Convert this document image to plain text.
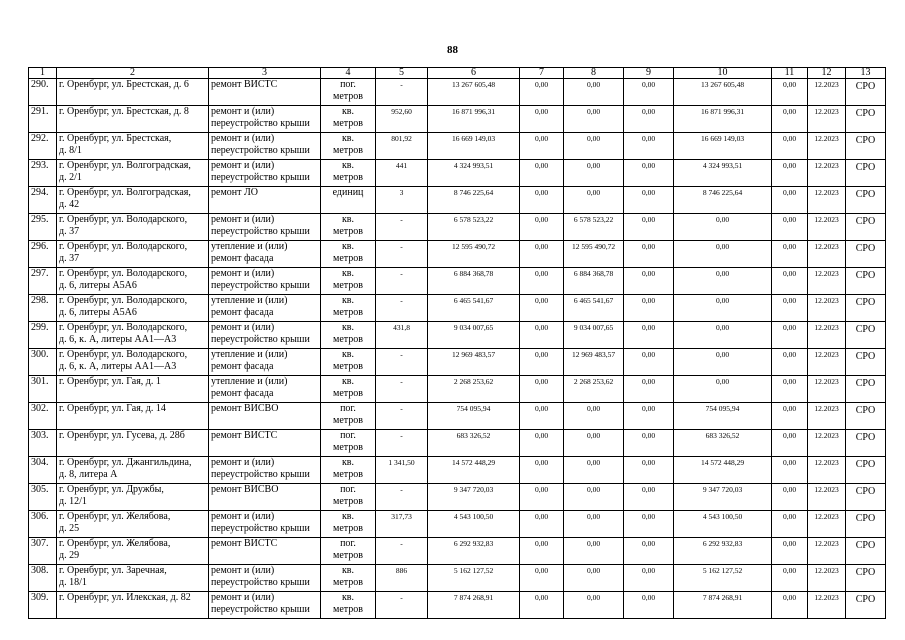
88
1	2	3	4	5	6	7	8	9	10	11	12	13
290.	г. Оренбург, ул. Брестская, д. 6	ремонт ВИСТС	пог.
метров	-	13 267 605,48	0,00	0,00	0,00	13 267 605,48	0,00	12.2023	СРО
291.	г. Оренбург, ул. Брестская, д. 8	ремонт и (или)
переустройство крыши	кв.
метров	952,60	16 871 996,31	0,00	0,00	0,00	16 871 996,31	0,00	12.2023	СРО
292.	г. Оренбург, ул. Брестская,
д. 8/1	ремонт и (или)
переустройство крыши	кв.
метров	801,92	16 669 149,03	0,00	0,00	0,00	16 669 149,03	0,00	12.2023	СРО
293.	г. Оренбург, ул. Волгоградская,
д. 2/1	ремонт и (или)
переустройство крыши	кв.
метров	441	4 324 993,51	0,00	0,00	0,00	4 324 993,51	0,00	12.2023	СРО
294.	г. Оренбург, ул. Волгоградская,
д. 42	ремонт ЛО	единиц	3	8 746 225,64	0,00	0,00	0,00	8 746 225,64	0,00	12.2023	СРО
295.	г. Оренбург, ул. Володарского,
д. 37	ремонт и (или)
переустройство крыши	кв.
метров	-	6 578 523,22	0,00	6 578 523,22	0,00	0,00	0,00	12.2023	СРО
296.	г. Оренбург, ул. Володарского,
д. 37	утепление и (или)
ремонт фасада	кв.
метров	-	12 595 490,72	0,00	12 595 490,72	0,00	0,00	0,00	12.2023	СРО
297.	г. Оренбург, ул. Володарского,
д. 6, литеры А5А6	ремонт и (или)
переустройство крыши	кв.
метров	-	6 884 368,78	0,00	6 884 368,78	0,00	0,00	0,00	12.2023	СРО
298.	г. Оренбург, ул. Володарского,
д. 6, литеры А5А6	утепление и (или)
ремонт фасада	кв.
метров	-	6 465 541,67	0,00	6 465 541,67	0,00	0,00	0,00	12.2023	СРО
299.	г. Оренбург, ул. Володарского,
д. 6, к. А, литеры АА1—А3	ремонт и (или)
переустройство крыши	кв.
метров	431,8	9 034 007,65	0,00	9 034 007,65	0,00	0,00	0,00	12.2023	СРО
300.	г. Оренбург, ул. Володарского,
д. 6, к. А, литеры АА1—А3	утепление и (или)
ремонт фасада	кв.
метров	-	12 969 483,57	0,00	12 969 483,57	0,00	0,00	0,00	12.2023	СРО
301.	г. Оренбург, ул. Гая, д. 1	утепление и (или)
ремонт фасада	кв.
метров	-	2 268 253,62	0,00	2 268 253,62	0,00	0,00	0,00	12.2023	СРО
302.	г. Оренбург, ул. Гая, д. 14	ремонт ВИСВО	пог.
метров	-	754 095,94	0,00	0,00	0,00	754 095,94	0,00	12.2023	СРО
303.	г. Оренбург, ул. Гусева, д. 28б	ремонт ВИСТС	пог.
метров	-	683 326,52	0,00	0,00	0,00	683 326,52	0,00	12.2023	СРО
304.	г. Оренбург, ул. Джангильдина,
д. 8, литера А	ремонт и (или)
переустройство крыши	кв.
метров	1 341,50	14 572 448,29	0,00	0,00	0,00	14 572 448,29	0,00	12.2023	СРО
305.	г. Оренбург, ул. Дружбы,
д. 12/1	ремонт ВИСВО	пог.
метров	-	9 347 720,03	0,00	0,00	0,00	9 347 720,03	0,00	12.2023	СРО
306.	г. Оренбург, ул. Желябова,
д. 25	ремонт и (или)
переустройство крыши	кв.
метров	317,73	4 543 100,50	0,00	0,00	0,00	4 543 100,50	0,00	12.2023	СРО
307.	г. Оренбург, ул. Желябова,
д. 29	ремонт ВИСТС	пог.
метров	-	6 292 932,83	0,00	0,00	0,00	6 292 932,83	0,00	12.2023	СРО
308.	г. Оренбург, ул. Заречная,
д. 18/1	ремонт и (или)
переустройство крыши	кв.
метров	886	5 162 127,52	0,00	0,00	0,00	5 162 127,52	0,00	12.2023	СРО
309.	г. Оренбург, ул. Илекская, д. 82	ремонт и (или)
переустройство крыши	кв.
метров	-	7 874 268,91	0,00	0,00	0,00	7 874 268,91	0,00	12.2023	СРО
